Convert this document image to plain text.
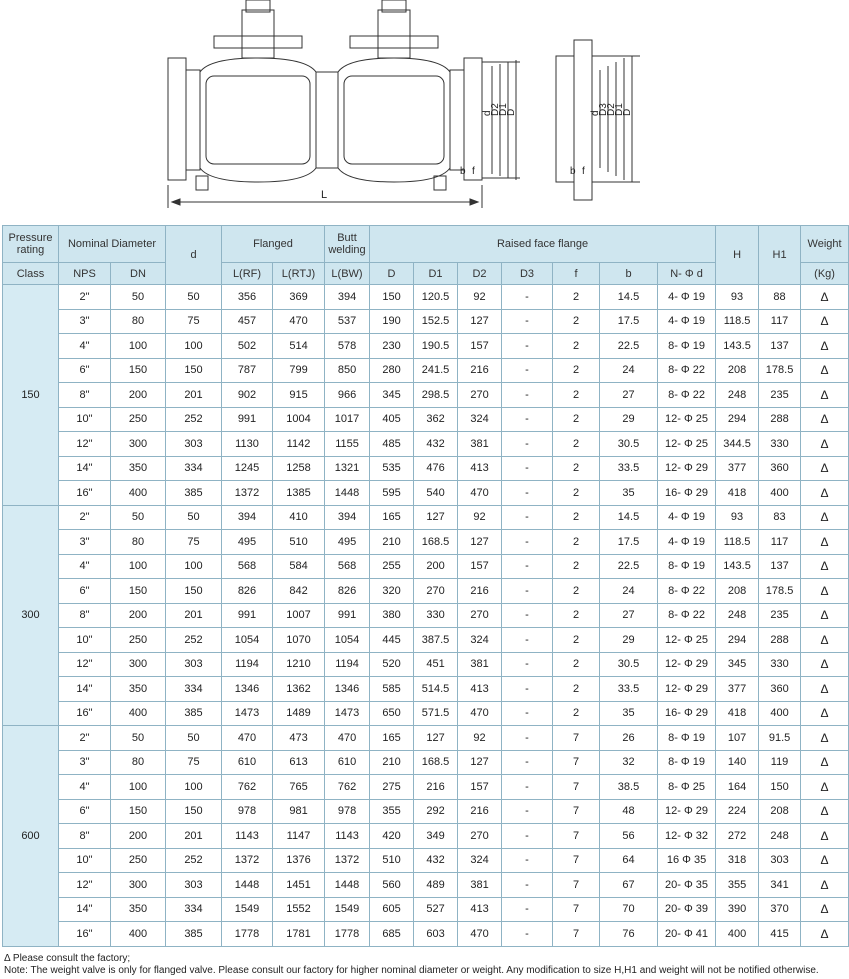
L
d
D2
D1
D	d
D3
D2
D1
D
b f	b f
Pressure rating	Nominal Diameter		d	Flanged		Butt welding	Raised face flange							H	H1	Weight
Class	NPS	DN		L(RF)	L(RTJ)	L(BW)	D	D1	D2	D3	f	b	N- Φ d			(Kg)
150	2"	50	50	356	369	394	150	120.5	92	-	2	14.5	4- Φ 19	93	88	Δ
	3"	80	75	457	470	537	190	152.5	127	-	2	17.5	4- Φ 19	118.5	117	Δ
	4"	100	100	502	514	578	230	190.5	157	-	2	22.5	8- Φ 19	143.5	137	Δ
	6"	150	150	787	799	850	280	241.5	216	-	2	24	8- Φ 22	208	178.5	Δ
	8"	200	201	902	915	966	345	298.5	270	-	2	27	8- Φ 22	248	235	Δ
	10"	250	252	991	1004	1017	405	362	324	-	2	29	12- Φ 25	294	288	Δ
	12"	300	303	1130	1142	1155	485	432	381	-	2	30.5	12- Φ 25	344.5	330	Δ
	14"	350	334	1245	1258	1321	535	476	413	-	2	33.5	12- Φ 29	377	360	Δ
	16"	400	385	1372	1385	1448	595	540	470	-	2	35	16- Φ 29	418	400	Δ
300	2"	50	50	394	410	394	165	127	92	-	2	14.5	4- Φ 19	93	83	Δ
	3"	80	75	495	510	495	210	168.5	127	-	2	17.5	4- Φ 19	118.5	117	Δ
	4"	100	100	568	584	568	255	200	157	-	2	22.5	8- Φ 19	143.5	137	Δ
	6"	150	150	826	842	826	320	270	216	-	2	24	8- Φ 22	208	178.5	Δ
	8"	200	201	991	1007	991	380	330	270	-	2	27	8- Φ 22	248	235	Δ
	10"	250	252	1054	1070	1054	445	387.5	324	-	2	29	12- Φ 25	294	288	Δ
	12"	300	303	1194	1210	1194	520	451	381	-	2	30.5	12- Φ 29	345	330	Δ
	14"	350	334	1346	1362	1346	585	514.5	413	-	2	33.5	12- Φ 29	377	360	Δ
	16"	400	385	1473	1489	1473	650	571.5	470	-	2	35	16- Φ 29	418	400	Δ
600	2"	50	50	470	473	470	165	127	92	-	7	26	8- Φ 19	107	91.5	Δ
	3"	80	75	610	613	610	210	168.5	127	-	7	32	8- Φ 19	140	119	Δ
	4"	100	100	762	765	762	275	216	157	-	7	38.5	8- Φ 25	164	150	Δ
	6"	150	150	978	981	978	355	292	216	-	7	48	12- Φ 29	224	208	Δ
	8"	200	201	1143	1147	1143	420	349	270	-	7	56	12- Φ 32	272	248	Δ
	10"	250	252	1372	1376	1372	510	432	324	-	7	64	16 Φ 35	318	303	Δ
	12"	300	303	1448	1451	1448	560	489	381	-	7	67	20- Φ 35	355	341	Δ
	14"	350	334	1549	1552	1549	605	527	413	-	7	70	20- Φ 39	390	370	Δ
	16"	400	385	1778	1781	1778	685	603	470	-	7	76	20- Φ 41	400	415	Δ
Δ Please consult the factory;
Note: The weight valve is only for flanged valve. Please consult our factory for higher nominal diameter or weight. Any modification to size H,H1 and weight will not be notified otherwise.
